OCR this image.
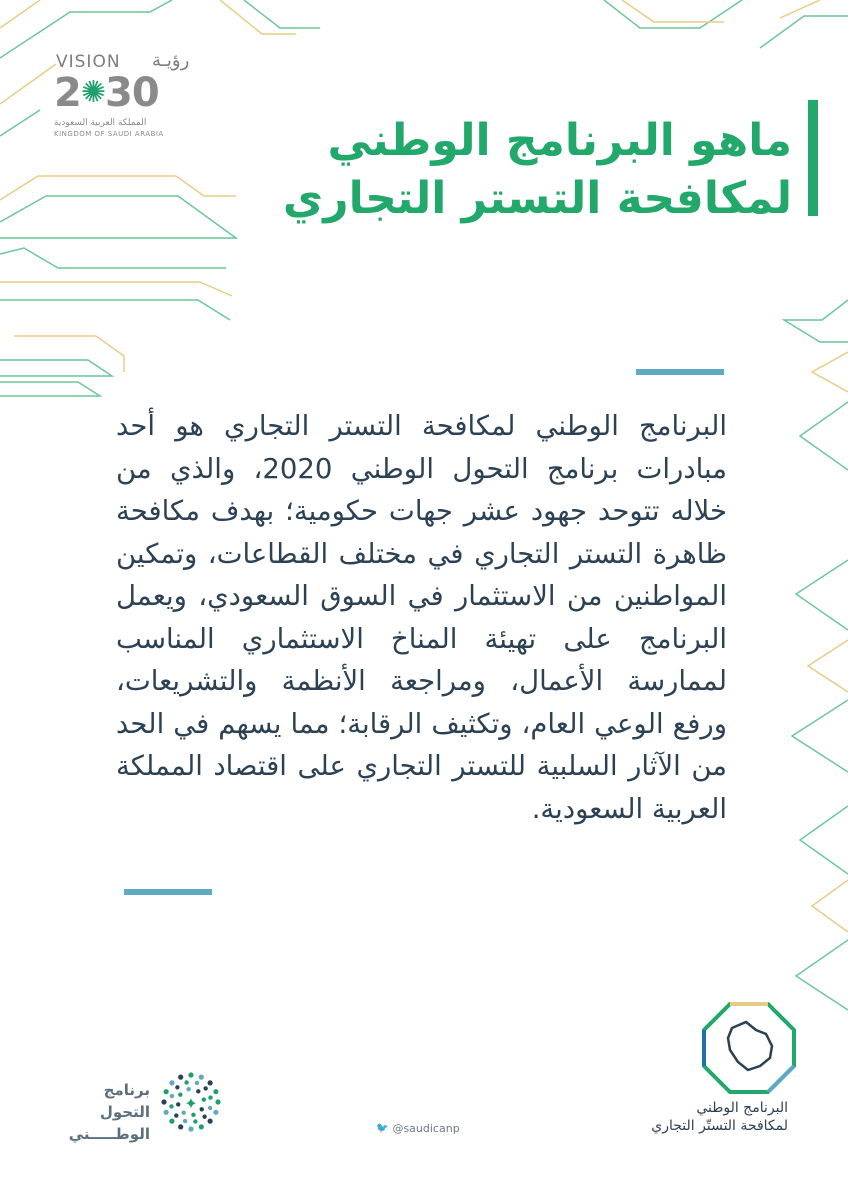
VISION رؤيـة
2✺30
المملكة العربية السعودية
KINGDOM OF SAUDI ARABIA	ماهو البرنامج الوطني
لمكافحة التستر التجاري

البرنامج الوطني لمكافحة التستر التجاري هو أحد مبادرات برنامج التحول الوطني 2020، والذي من خلاله تتوحد جهود عشر جهات حكومية؛ بهدف مكافحة ظاهرة التستر التجاري في مختلف القطاعات، وتمكين المواطنين من الاستثمار في السوق السعودي، ويعمل البرنامج على تهيئة المناخ الاستثماري المناسب لممارسة الأعمال، ومراجعة الأنظمة والتشريعات، ورفع الوعي العام، وتكثيف الرقابة؛ مما يسهم في الحد من الآثار السلبية للتستر التجاري على اقتصاد المملكة العربية السعودية.

البرنامج الوطني
لمكافحة التستّر التجاري
برنامج التحول
الوطـــــني
✦
🐦 @saudicanp
